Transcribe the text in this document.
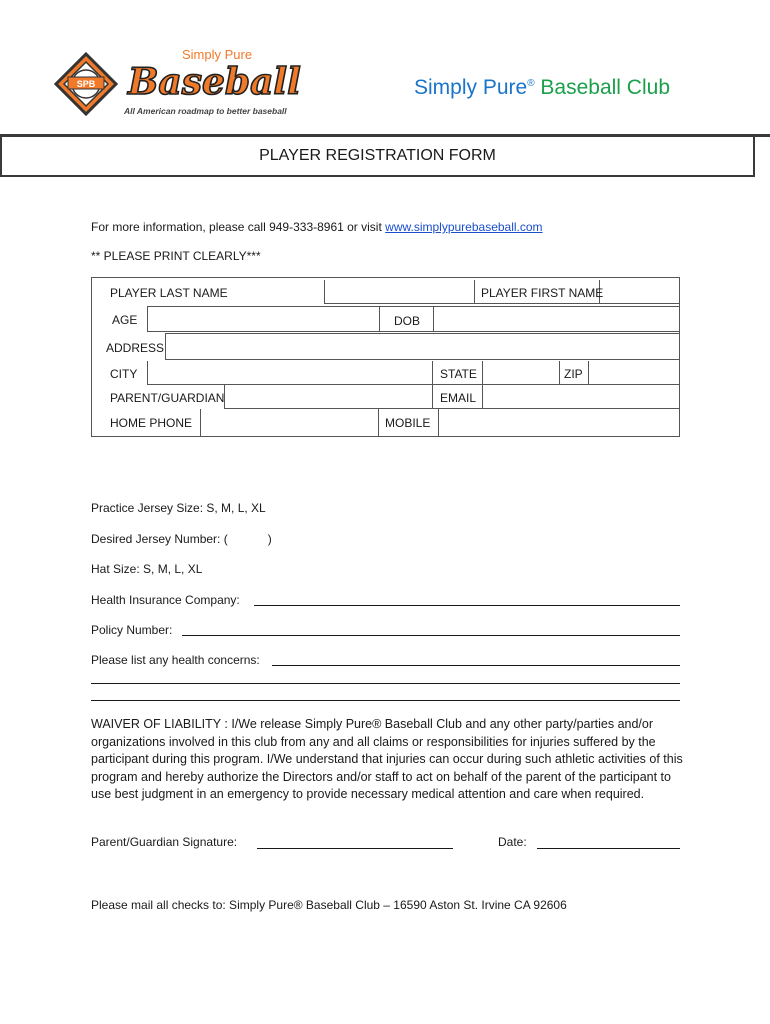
Simply Pure
SPB Baseball
All American roadmap to better baseball
Simply Pure® Baseball Club
PLAYER REGISTRATION FORM
For more information, please call 949-333-8961 or visit www.simplypurebaseball.com
** PLEASE PRINT CLEARLY***
PLAYER LAST NAME	PLAYER FIRST NAME
AGE	DOB
ADDRESS
CITY	STATE	ZIP
PARENT/GUARDIAN	EMAIL
HOME PHONE	MOBILE
Practice Jersey Size: S, M, L, XL
Desired Jersey Number: (            )
Hat Size: S, M, L, XL
Health Insurance Company:
Policy Number:
Please list any health concerns:
WAIVER OF LIABILITY : I/We release Simply Pure® Baseball Club and any other party/parties and/or organizations involved in this club from any and all claims or responsibilities for injuries suffered by the participant during this program. I/We understand that injuries can occur during such athletic activities of this program and hereby authorize the Directors and/or staff to act on behalf of the parent of the participant to use best judgment in an emergency to provide necessary medical attention and care when required.
Parent/Guardian Signature:	Date:
Please mail all checks to: Simply Pure® Baseball Club – 16590 Aston St. Irvine CA 92606
